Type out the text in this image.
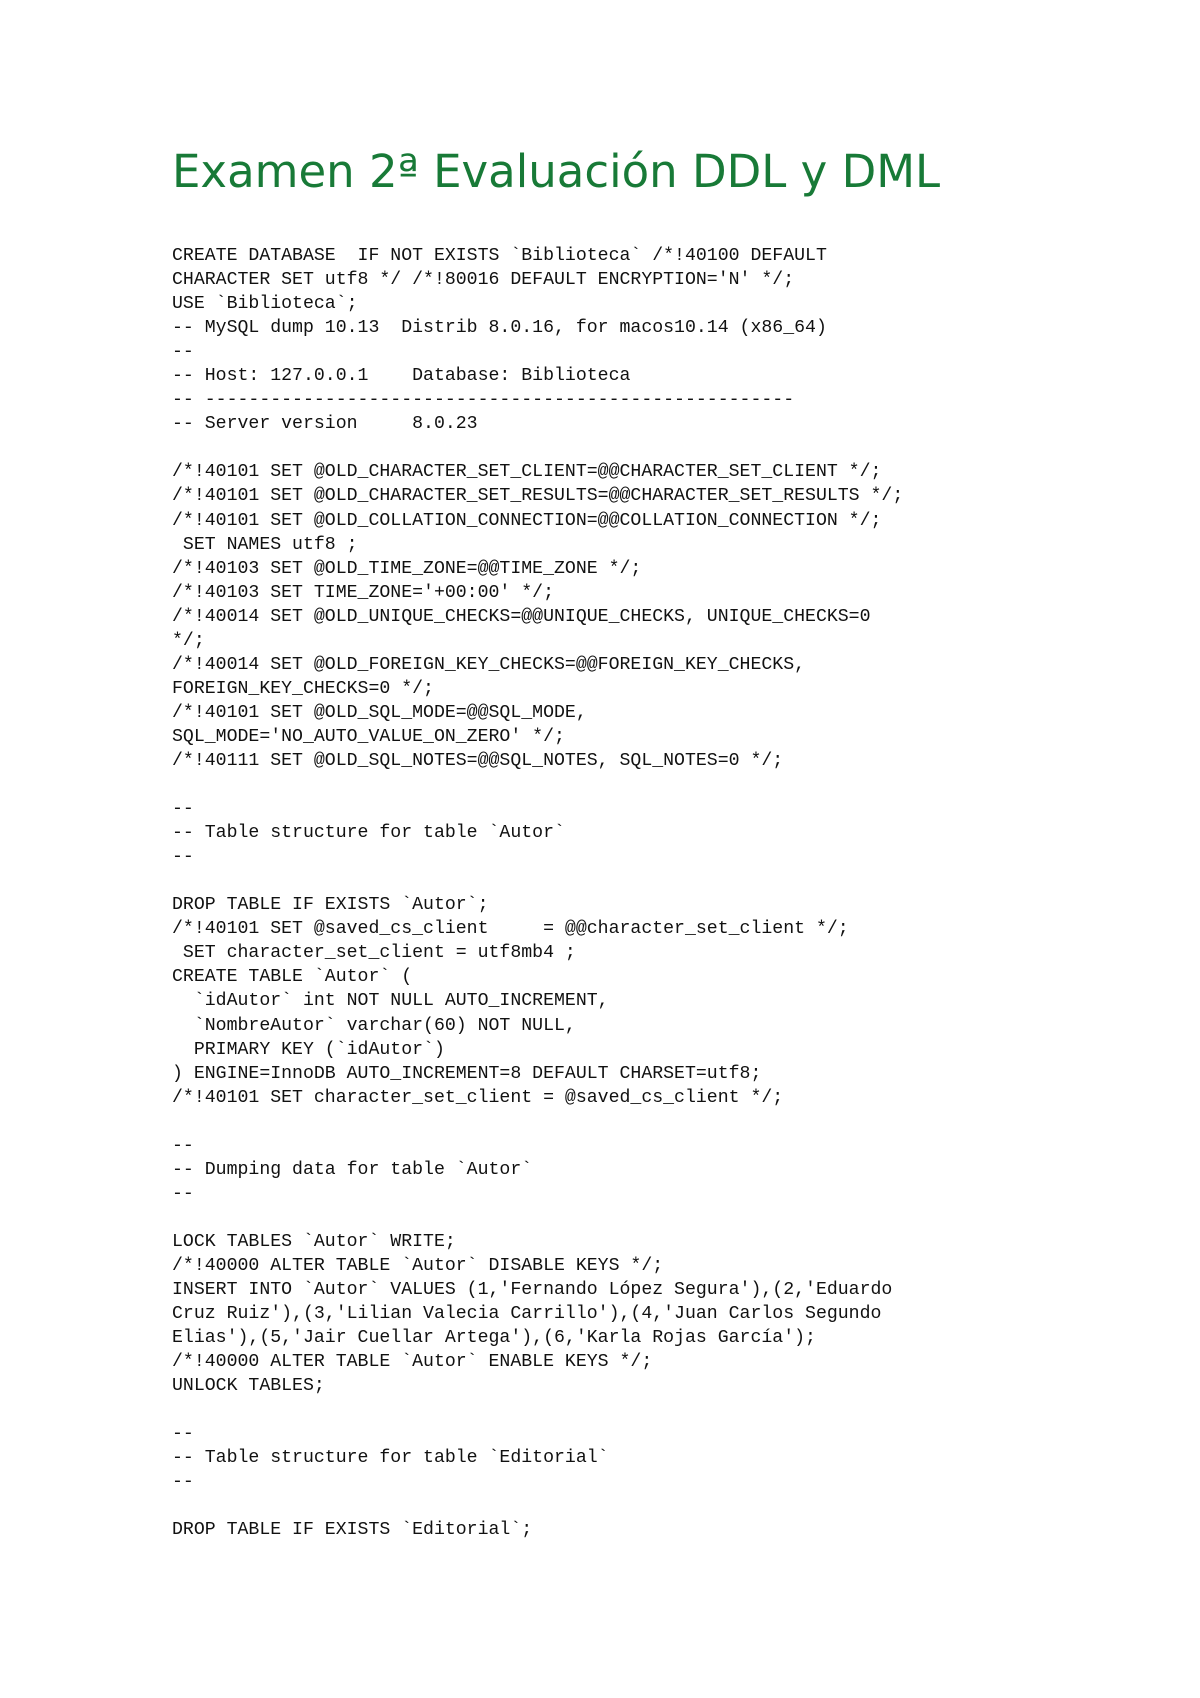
Examen 2ª Evaluación DDL y DML
CREATE DATABASE  IF NOT EXISTS `Biblioteca` /*!40100 DEFAULT
CHARACTER SET utf8 */ /*!80016 DEFAULT ENCRYPTION='N' */;
USE `Biblioteca`;
-- MySQL dump 10.13  Distrib 8.0.16, for macos10.14 (x86_64)
--
-- Host: 127.0.0.1    Database: Biblioteca
-- ------------------------------------------------------
-- Server version     8.0.23
/*!40101 SET @OLD_CHARACTER_SET_CLIENT=@@CHARACTER_SET_CLIENT */;
/*!40101 SET @OLD_CHARACTER_SET_RESULTS=@@CHARACTER_SET_RESULTS */;
/*!40101 SET @OLD_COLLATION_CONNECTION=@@COLLATION_CONNECTION */;
SET NAMES utf8 ;
/*!40103 SET @OLD_TIME_ZONE=@@TIME_ZONE */;
/*!40103 SET TIME_ZONE='+00:00' */;
/*!40014 SET @OLD_UNIQUE_CHECKS=@@UNIQUE_CHECKS, UNIQUE_CHECKS=0
*/;
/*!40014 SET @OLD_FOREIGN_KEY_CHECKS=@@FOREIGN_KEY_CHECKS,
FOREIGN_KEY_CHECKS=0 */;
/*!40101 SET @OLD_SQL_MODE=@@SQL_MODE,
SQL_MODE='NO_AUTO_VALUE_ON_ZERO' */;
/*!40111 SET @OLD_SQL_NOTES=@@SQL_NOTES, SQL_NOTES=0 */;
--
-- Table structure for table `Autor`
--
DROP TABLE IF EXISTS `Autor`;
/*!40101 SET @saved_cs_client     = @@character_set_client */;
SET character_set_client = utf8mb4 ;
CREATE TABLE `Autor` (
`idAutor` int NOT NULL AUTO_INCREMENT,
`NombreAutor` varchar(60) NOT NULL,
PRIMARY KEY (`idAutor`)
) ENGINE=InnoDB AUTO_INCREMENT=8 DEFAULT CHARSET=utf8;
/*!40101 SET character_set_client = @saved_cs_client */;
--
-- Dumping data for table `Autor`
--
LOCK TABLES `Autor` WRITE;
/*!40000 ALTER TABLE `Autor` DISABLE KEYS */;
INSERT INTO `Autor` VALUES (1,'Fernando López Segura'),(2,'Eduardo
Cruz Ruiz'),(3,'Lilian Valecia Carrillo'),(4,'Juan Carlos Segundo
Elias'),(5,'Jair Cuellar Artega'),(6,'Karla Rojas García');
/*!40000 ALTER TABLE `Autor` ENABLE KEYS */;
UNLOCK TABLES;
--
-- Table structure for table `Editorial`
--
DROP TABLE IF EXISTS `Editorial`;
